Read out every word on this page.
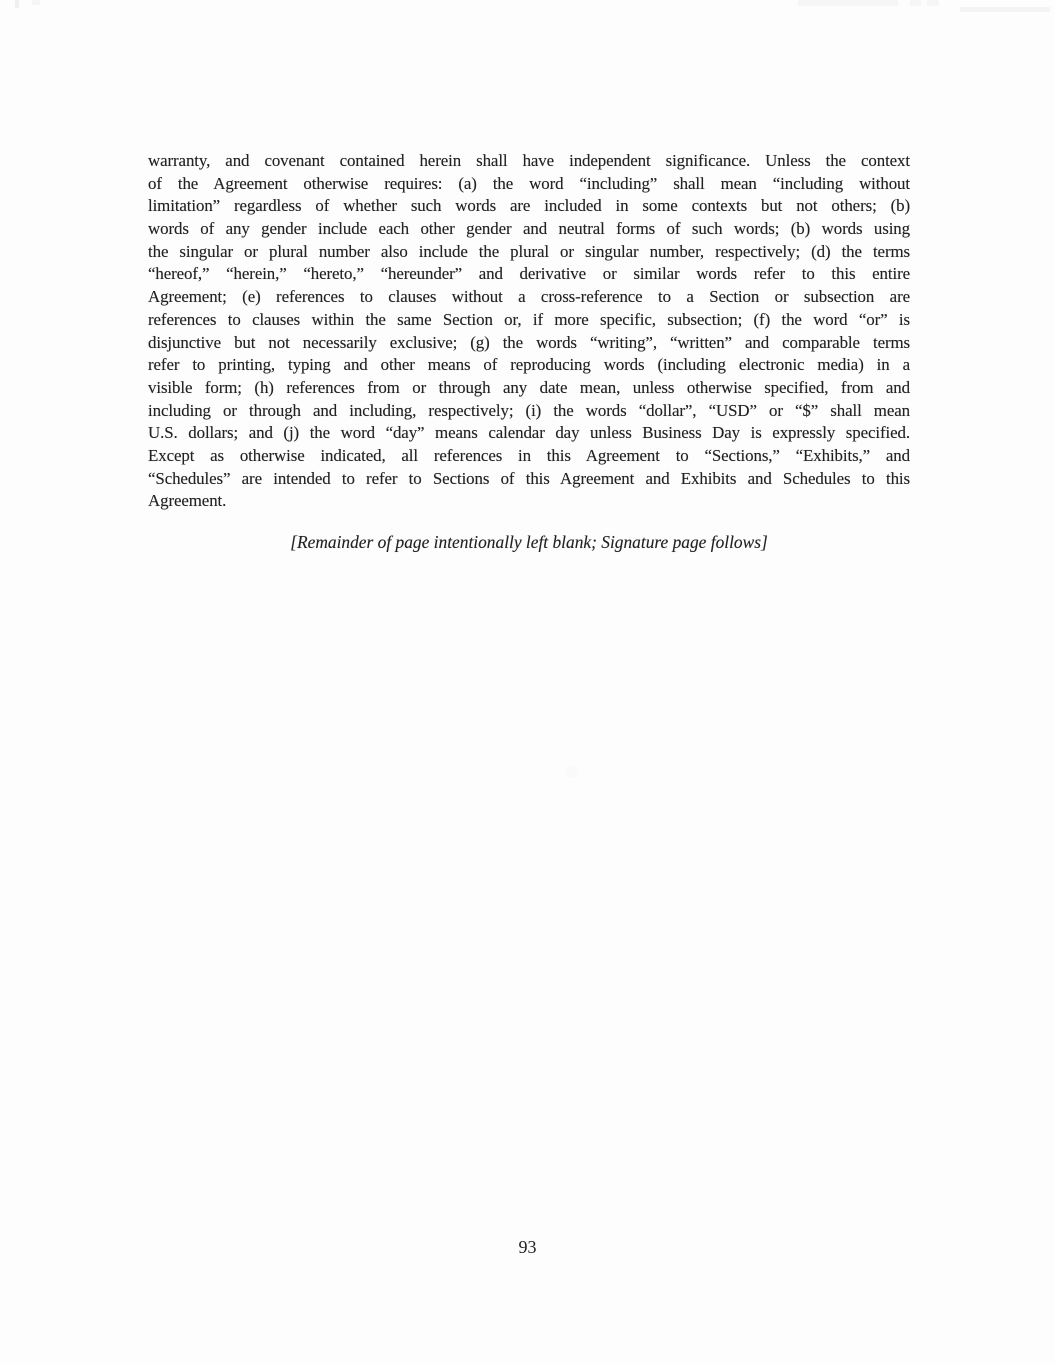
warranty, and covenant contained herein shall have independent significance. Unless the context
of the Agreement otherwise requires: (a) the word “including” shall mean “including without
limitation” regardless of whether such words are included in some contexts but not others; (b)
words of any gender include each other gender and neutral forms of such words; (b) words using
the singular or plural number also include the plural or singular number, respectively; (d) the terms
“hereof,” “herein,” “hereto,” “hereunder” and derivative or similar words refer to this entire
Agreement; (e) references to clauses without a cross-reference to a Section or subsection are
references to clauses within the same Section or, if more specific, subsection; (f) the word “or” is
disjunctive but not necessarily exclusive; (g) the words “writing”, “written” and comparable terms
refer to printing, typing and other means of reproducing words (including electronic media) in a
visible form; (h) references from or through any date mean, unless otherwise specified, from and
including or through and including, respectively; (i) the words “dollar”, “USD” or “$” shall mean
U.S. dollars; and (j) the word “day” means calendar day unless Business Day is expressly specified.
Except as otherwise indicated, all references in this Agreement to “Sections,” “Exhibits,” and
“Schedules” are intended to refer to Sections of this Agreement and Exhibits and Schedules to this
Agreement.
[Remainder of page intentionally left blank; Signature page follows]
93
